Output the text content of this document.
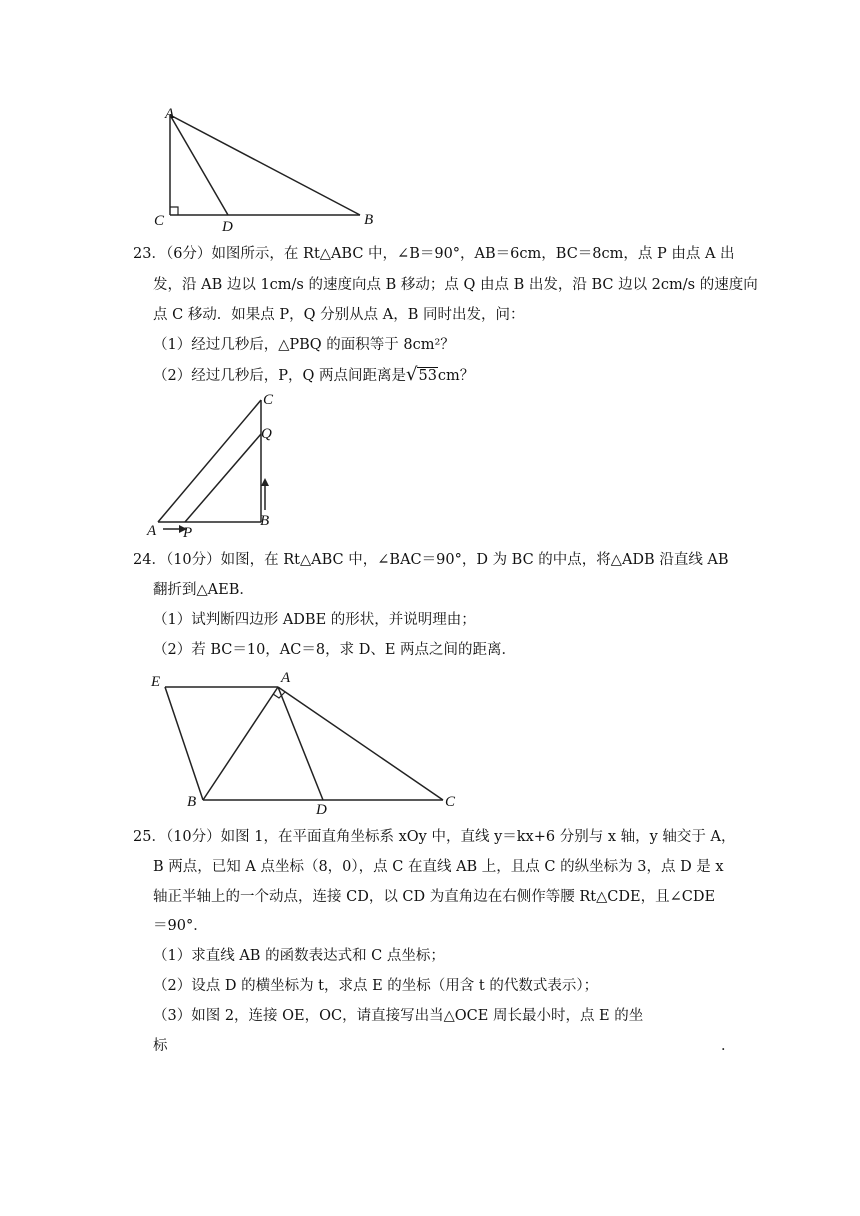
A
C	D	B
23．（6分）如图所示，在 Rt△ABC 中，∠B＝90°，AB＝6cm，BC＝8cm，点 P 由点 A 出
发，沿 AB 边以 1cm/s 的速度向点 B 移动；点 Q 由点 B 出发，沿 BC 边以 2cm/s 的速度向
点 C 移动．如果点 P，Q 分别从点 A，B 同时出发，问：
（1）经过几秒后，△PBQ 的面积等于 8cm²？
（2）经过几秒后，P，Q 两点间距离是√53cm？
C
Q
A P
B
24．（10分）如图，在 Rt△ABC 中，∠BAC＝90°，D 为 BC 的中点，将△ADB 沿直线 AB
翻折到△AEB．
（1）试判断四边形 ADBE 的形状，并说明理由；
（2）若 BC＝10，AC＝8，求 D、E 两点之间的距离．
E	A
B	D	C
25．（10分）如图 1，在平面直角坐标系 xOy 中，直线 y＝kx+6 分别与 x 轴，y 轴交于 A，
B 两点，已知 A 点坐标（8，0），点 C 在直线 AB 上，且点 C 的纵坐标为 3，点 D 是 x
轴正半轴上的一个动点，连接 CD，以 CD 为直角边在右侧作等腰 Rt△CDE，且∠CDE
＝90°．
（1）求直线 AB 的函数表达式和 C 点坐标；
（2）设点 D 的横坐标为 t，求点 E 的坐标（用含 t 的代数式表示）；
（3）如图 2，连接 OE，OC，请直接写出当△OCE 周长最小时，点 E 的坐
标	．
